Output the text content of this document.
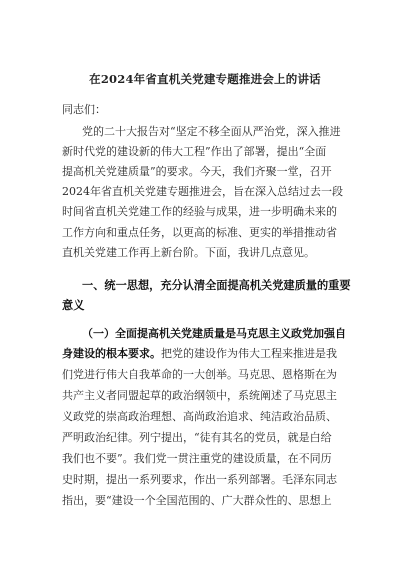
在2024年省直机关党建专题推进会上的讲话
同志们：
党的二十大报告对“坚定不移全面从严治党，深入推进
新时代党的建设新的伟大工程”作出了部署，提出“全面
提高机关党建质量”的要求。今天，我们齐聚一堂，召开
2024年省直机关党建专题推进会，旨在深入总结过去一段
时间省直机关党建工作的经验与成果，进一步明确未来的
工作方向和重点任务，以更高的标准、更实的举措推动省
直机关党建工作再上新台阶。下面，我讲几点意见。
一、统一思想，充分认清全面提高机关党建质量的重要
意义
（一）全面提高机关党建质量是马克思主义政党加强自
身建设的根本要求。把党的建设作为伟大工程来推进是我
们党进行伟大自我革命的一大创举。马克思、恩格斯在为
共产主义者同盟起草的政治纲领中，系统阐述了马克思主
义政党的崇高政治理想、高尚政治追求、纯洁政治品质、
严明政治纪律。列宁提出，“徒有其名的党员，就是白给
我们也不要”。我们党一贯注重党的建设质量，在不同历
史时期，提出一系列要求，作出一系列部署。毛泽东同志
指出，要“建设一个全国范围的、广大群众性的、思想上
